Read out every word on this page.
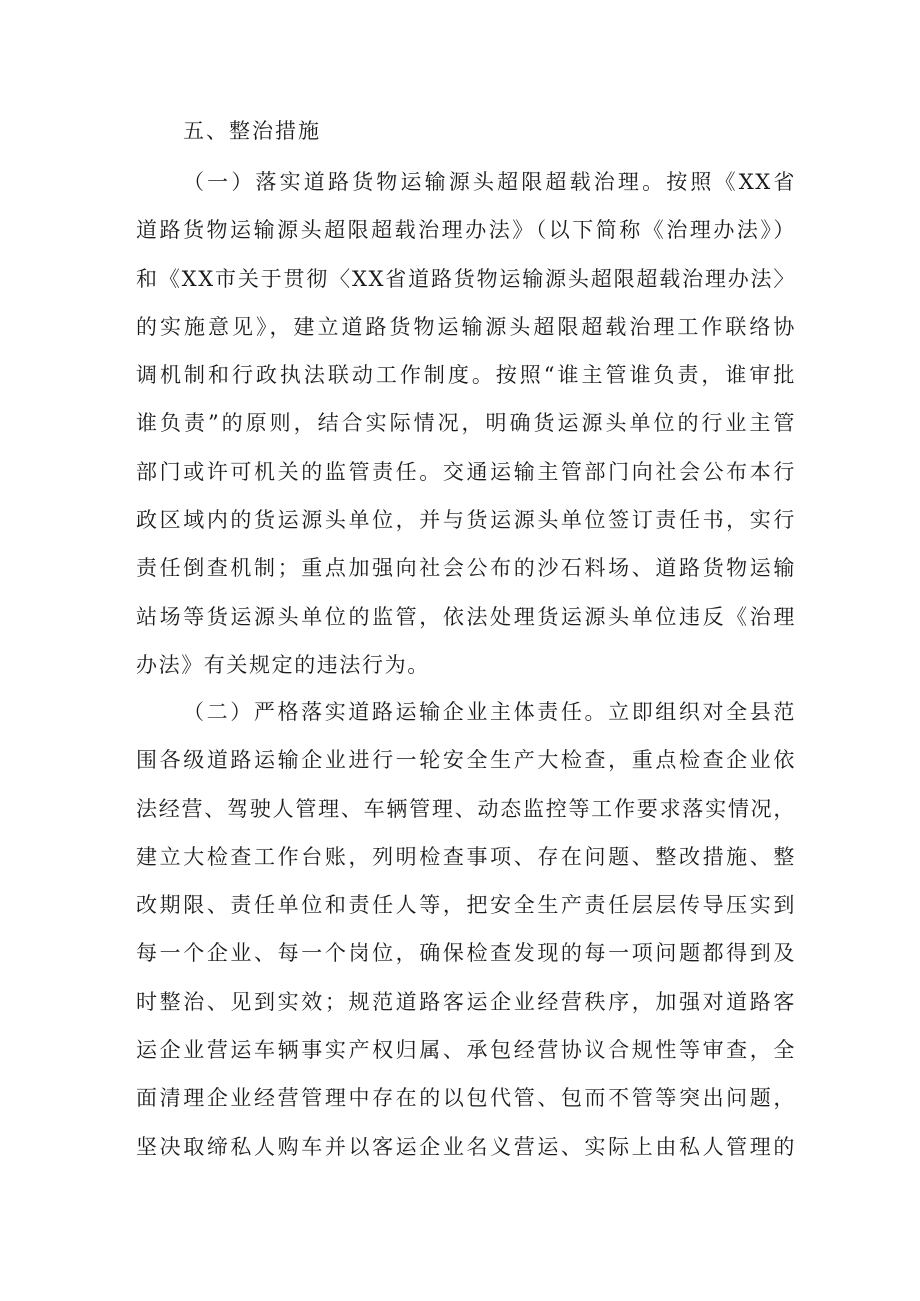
五、整治措施
（一）落实道路货物运输源头超限超载治理。按照《XX省
道路货物运输源头超限超载治理办法》（以下简称《治理办法》）
和《XX市关于贯彻〈XX省道路货物运输源头超限超载治理办法〉
的实施意见》，建立道路货物运输源头超限超载治理工作联络协
调机制和行政执法联动工作制度。按照“谁主管谁负责，谁审批
谁负责”的原则，结合实际情况，明确货运源头单位的行业主管
部门或许可机关的监管责任。交通运输主管部门向社会公布本行
政区域内的货运源头单位，并与货运源头单位签订责任书，实行
责任倒查机制；重点加强向社会公布的沙石料场、道路货物运输
站场等货运源头单位的监管，依法处理货运源头单位违反《治理
办法》有关规定的违法行为。
（二）严格落实道路运输企业主体责任。立即组织对全县范
围各级道路运输企业进行一轮安全生产大检查，重点检查企业依
法经营、驾驶人管理、车辆管理、动态监控等工作要求落实情况，
建立大检查工作台账，列明检查事项、存在问题、整改措施、整
改期限、责任单位和责任人等，把安全生产责任层层传导压实到
每一个企业、每一个岗位，确保检查发现的每一项问题都得到及
时整治、见到实效；规范道路客运企业经营秩序，加强对道路客
运企业营运车辆事实产权归属、承包经营协议合规性等审查，全
面清理企业经营管理中存在的以包代管、包而不管等突出问题，
坚决取缔私人购车并以客运企业名义营运、实际上由私人管理的
